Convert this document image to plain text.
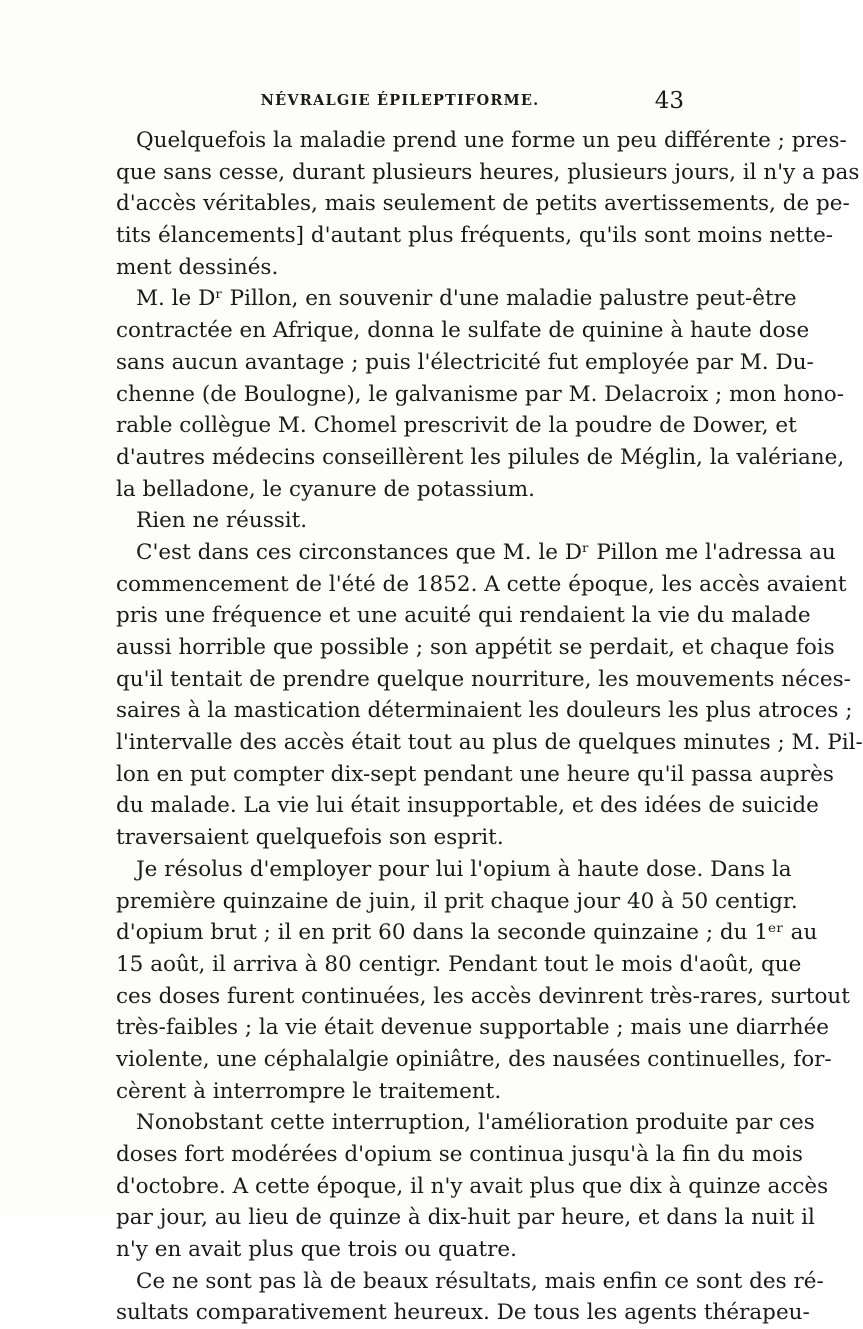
NÉVRALGIE ÉPILEPTIFORME.	43
Quelquefois la maladie prend une forme un peu différente ; pres-
que sans cesse, durant plusieurs heures, plusieurs jours, il n'y a pas
d'accès véritables, mais seulement de petits avertissements, de pe-
tits élancements] d'autant plus fréquents, qu'ils sont moins nette-
ment dessinés.
M. le Dʳ Pillon, en souvenir d'une maladie palustre peut-être
contractée en Afrique, donna le sulfate de quinine à haute dose
sans aucun avantage ; puis l'électricité fut employée par M. Du-
chenne (de Boulogne), le galvanisme par M. Delacroix ; mon hono-
rable collègue M. Chomel prescrivit de la poudre de Dower, et
d'autres médecins conseillèrent les pilules de Méglin, la valériane,
la belladone, le cyanure de potassium.
Rien ne réussit.
C'est dans ces circonstances que M. le Dʳ Pillon me l'adressa au
commencement de l'été de 1852. A cette époque, les accès avaient
pris une fréquence et une acuité qui rendaient la vie du malade
aussi horrible que possible ; son appétit se perdait, et chaque fois
qu'il tentait de prendre quelque nourriture, les mouvements néces-
saires à la mastication déterminaient les douleurs les plus atroces ;
l'intervalle des accès était tout au plus de quelques minutes ; M. Pil-
lon en put compter dix-sept pendant une heure qu'il passa auprès
du malade. La vie lui était insupportable, et des idées de suicide
traversaient quelquefois son esprit.
Je résolus d'employer pour lui l'opium à haute dose. Dans la
première quinzaine de juin, il prit chaque jour 40 à 50 centigr.
d'opium brut ; il en prit 60 dans la seconde quinzaine ; du 1ᵉʳ au
15 août, il arriva à 80 centigr. Pendant tout le mois d'août, que
ces doses furent continuées, les accès devinrent très-rares, surtout
très-faibles ; la vie était devenue supportable ; mais une diarrhée
violente, une céphalalgie opiniâtre, des nausées continuelles, for-
cèrent à interrompre le traitement.
Nonobstant cette interruption, l'amélioration produite par ces
doses fort modérées d'opium se continua jusqu'à la fin du mois
d'octobre. A cette époque, il n'y avait plus que dix à quinze accès
par jour, au lieu de quinze à dix-huit par heure, et dans la nuit il
n'y en avait plus que trois ou quatre.
Ce ne sont pas là de beaux résultats, mais enfin ce sont des ré-
sultats comparativement heureux. De tous les agents thérapeu-
